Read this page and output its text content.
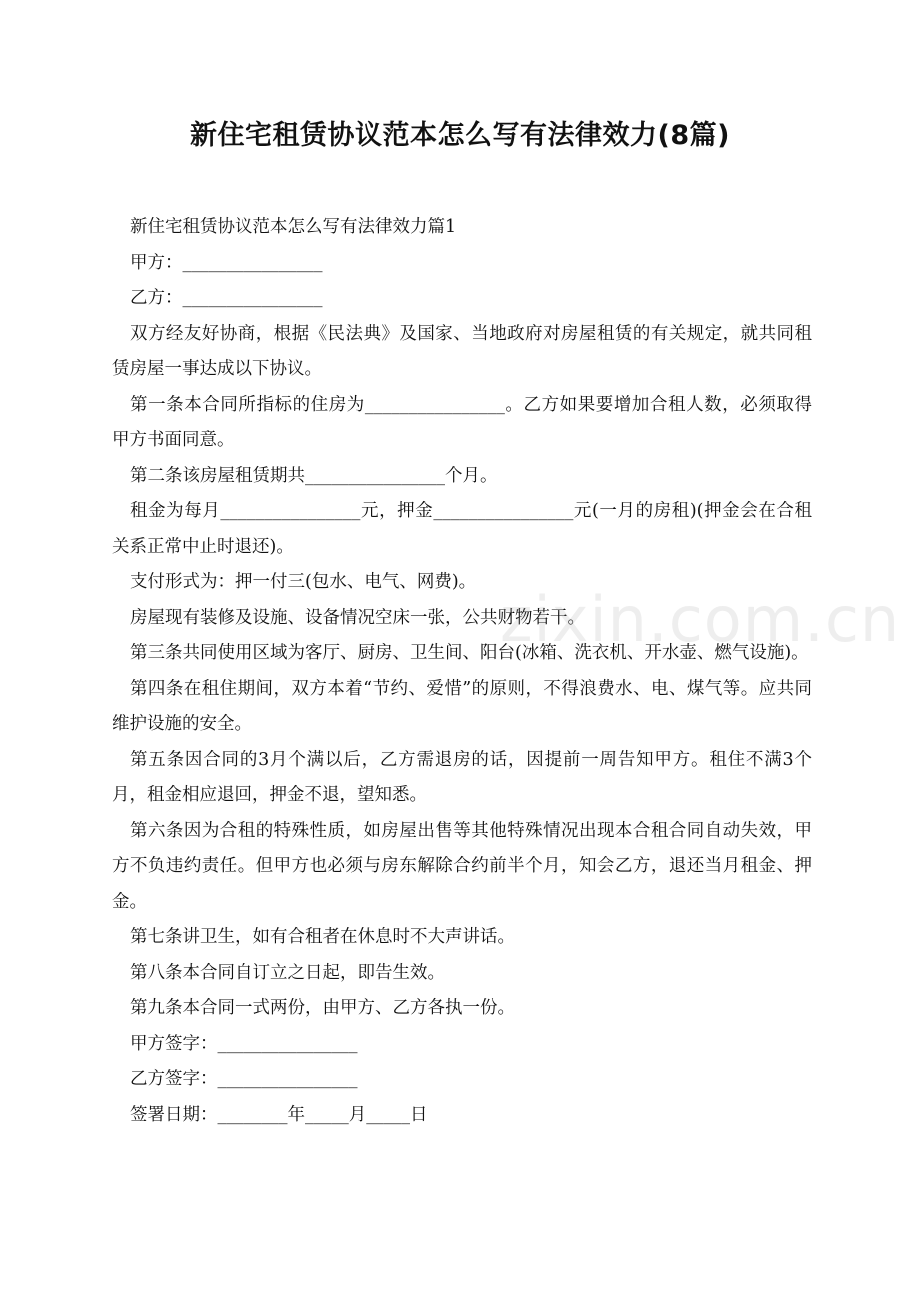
新住宅租赁协议范本怎么写有法律效力(8篇)

新住宅租赁协议范本怎么写有法律效力篇1

甲方：________________

乙方：________________

双方经友好协商，根据《民法典》及国家、当地政府对房屋租赁的有关规定，就共同租赁房屋一事达成以下协议。

第一条本合同所指标的住房为________________。乙方如果要增加合租人数，必须取得甲方书面同意。

第二条该房屋租赁期共________________个月。

租金为每月________________元，押金________________元(一月的房租)(押金会在合租关系正常中止时退还)。

支付形式为：押一付三(包水、电气、网费)。

房屋现有装修及设施、设备情况空床一张，公共财物若干。

第三条共同使用区域为客厅、厨房、卫生间、阳台(冰箱、洗衣机、开水壶、燃气设施)。

第四条在租住期间，双方本着“节约、爱惜”的原则，不得浪费水、电、煤气等。应共同维护设施的安全。

第五条因合同的3月个满以后，乙方需退房的话，因提前一周告知甲方。租住不满3个月，租金相应退回，押金不退，望知悉。

第六条因为合租的特殊性质，如房屋出售等其他特殊情况出现本合租合同自动失效，甲方不负违约责任。但甲方也必须与房东解除合约前半个月，知会乙方，退还当月租金、押金。

第七条讲卫生，如有合租者在休息时不大声讲话。

第八条本合同自订立之日起，即告生效。

第九条本合同一式两份，由甲方、乙方各执一份。

甲方签字：________________

乙方签字：________________

签署日期：________年_____月_____日

zixin.com.cn
